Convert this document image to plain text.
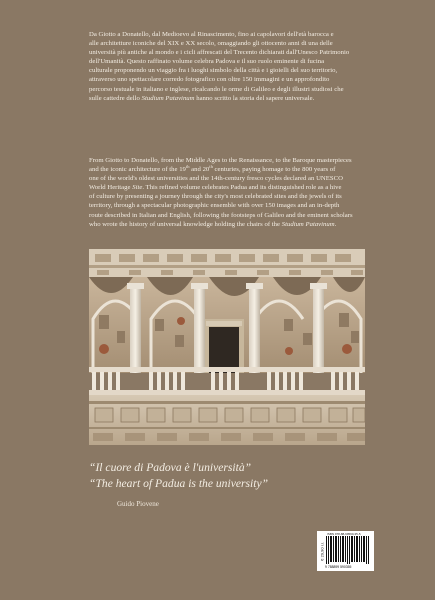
Da Giotto a Donatello, dal Medioevo al Rinascimento, fino ai capolavori dell'età barocca e
alle architetture iconiche del XIX e XX secolo, omaggiando gli ottocento anni di una delle
università più antiche al mondo e i cicli affrescati del Trecento dichiarati dall'Unesco Patrimonio
dell'Umanità. Questo raffinato volume celebra Padova e il suo ruolo eminente di fucina
culturale proponendo un viaggio fra i luoghi simbolo della città e i gioielli del suo territorio,
attraverso uno spettacolare corredo fotografico con oltre 150 immagini e un approfondito
percorso testuale in italiano e inglese, ricalcando le orme di Galileo e degli illustri studiosi che
sulle cattedre dello Studium Patavinum hanno scritto la storia del sapere universale.

From Giotto to Donatello, from the Middle Ages to the Renaissance, to the Baroque masterpieces
and the iconic architecture of the 19th and 20th centuries, paying homage to the 800 years of
one of the world's oldest universities and the 14th-century fresco cycles declared an UNESCO
World Heritage Site. This refined volume celebrates Padua and its distinguished role as a hive
of culture by presenting a journey through the city's most celebrated sites and the jewels of its
territory, through a spectacular photographic ensemble with over 150 images and an in-depth
route described in Italian and English, following the footsteps of Galileo and the eminent scholars
who wrote the history of universal knowledge holding the chairs of the Studium Patavinum.

“Il cuore di Padova è l'università”
“The heart of Padua is the university”
Guido Piovene
ISBN 978-88-99590-35-5
€ 29,90 i.i.
9 788899 590355
